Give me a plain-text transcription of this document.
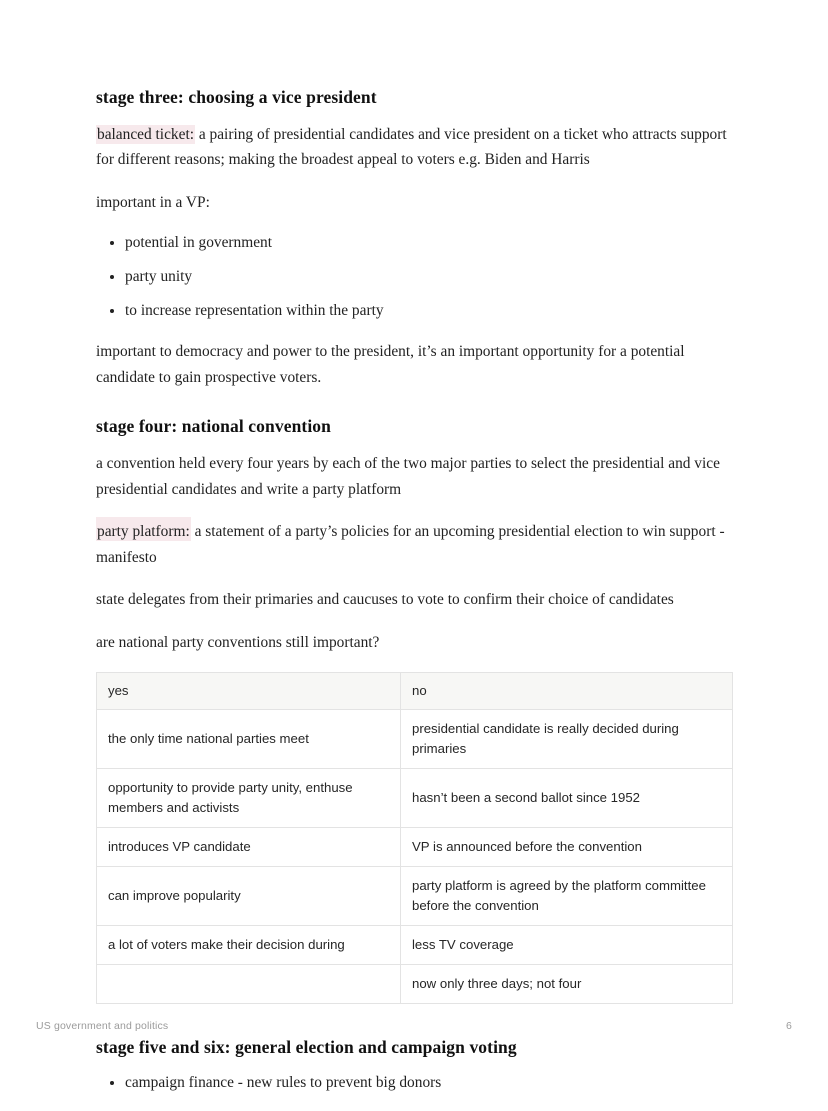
stage three: choosing a vice president

balanced ticket: a pairing of presidential candidates and vice president on a ticket who attracts support for different reasons; making the broadest appeal to voters e.g. Biden and Harris

important in a VP:

potential in government
party unity
to increase representation within the party

important to democracy and power to the president, it’s an important opportunity for a potential candidate to gain prospective voters.

stage four: national convention

a convention held every four years by each of the two major parties to select the presidential and vice presidential candidates and write a party platform

party platform: a statement of a party’s policies for an upcoming presidential election to win support - manifesto

state delegates from their primaries and caucuses to vote to confirm their choice of candidates

are national party conventions still important?

yes	no
the only time national parties meet	presidential candidate is really decided during primaries
opportunity to provide party unity, enthuse members and activists	hasn’t been a second ballot since 1952
introduces VP candidate	VP is announced before the convention
can improve popularity	party platform is agreed by the platform committee before the convention
a lot of voters make their decision during	less TV coverage
	now only three days; not four
stage five and six: general election and campaign voting
campaign finance - new rules to prevent big donors
US government and politics	6
